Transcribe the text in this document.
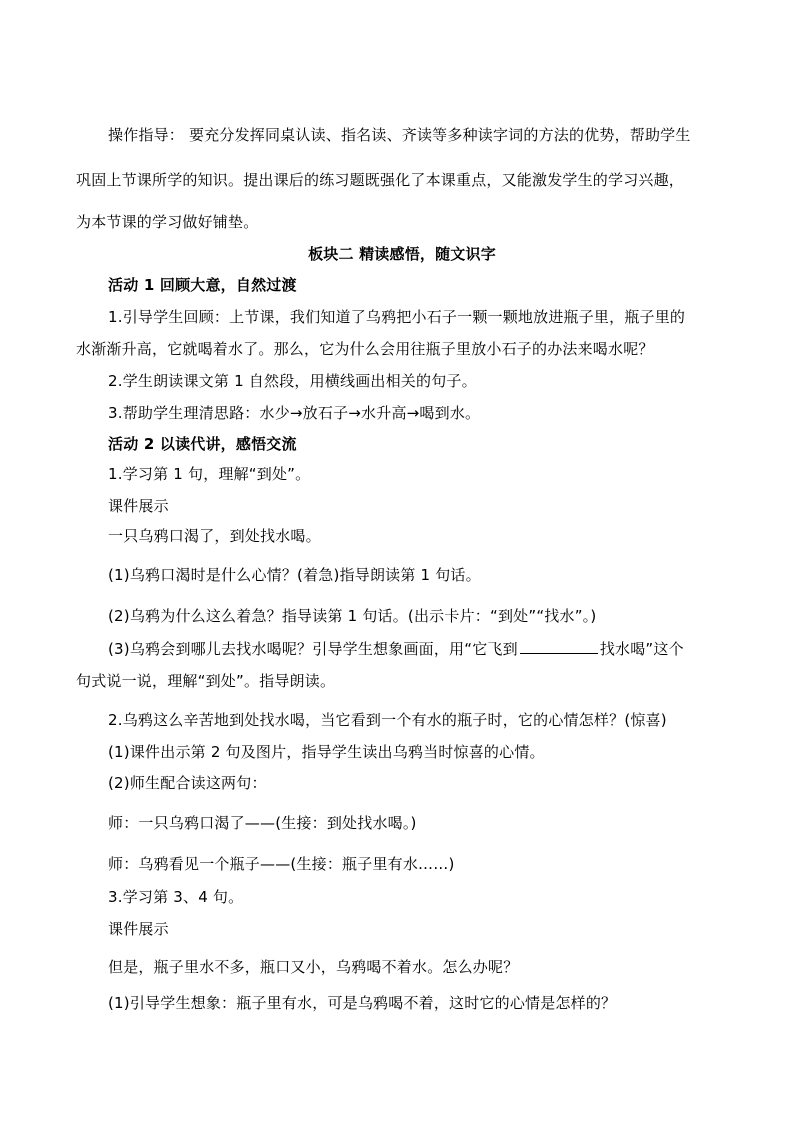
操作指导： 要充分发挥同桌认读、指名读、齐读等多种读字词的方法的优势，帮助学生
巩固上节课所学的知识。提出课后的练习题既强化了本课重点，又能激发学生的学习兴趣，
为本节课的学习做好铺垫。
板块二 精读感悟，随文识字
活动 1 回顾大意，自然过渡
1.引导学生回顾：上节课，我们知道了乌鸦把小石子一颗一颗地放进瓶子里，瓶子里的
水渐渐升高，它就喝着水了。那么，它为什么会用往瓶子里放小石子的办法来喝水呢？
2.学生朗读课文第 1 自然段，用横线画出相关的句子。
3.帮助学生理清思路：水少→放石子→水升高→喝到水。
活动 2 以读代讲，感悟交流
1.学习第 1 句，理解“到处”。
课件展示
一只乌鸦口渴了，到处找水喝。
(1)乌鸦口渴时是什么心情？(着急)指导朗读第 1 句话。
(2)乌鸦为什么这么着急？指导读第 1 句话。(出示卡片：“到处”“找水”。)
(3)乌鸦会到哪儿去找水喝呢？引导学生想象画面，用“它飞到	找水喝”这个
句式说一说，理解“到处”。指导朗读。
2.乌鸦这么辛苦地到处找水喝，当它看到一个有水的瓶子时，它的心情怎样？(惊喜)
(1)课件出示第 2 句及图片，指导学生读出乌鸦当时惊喜的心情。
(2)师生配合读这两句：
师：一只乌鸦口渴了——(生接：到处找水喝。)
师：乌鸦看见一个瓶子——(生接：瓶子里有水……)
3.学习第 3、4 句。
课件展示
但是，瓶子里水不多，瓶口又小，乌鸦喝不着水。怎么办呢？
(1)引导学生想象：瓶子里有水，可是乌鸦喝不着，这时它的心情是怎样的？
